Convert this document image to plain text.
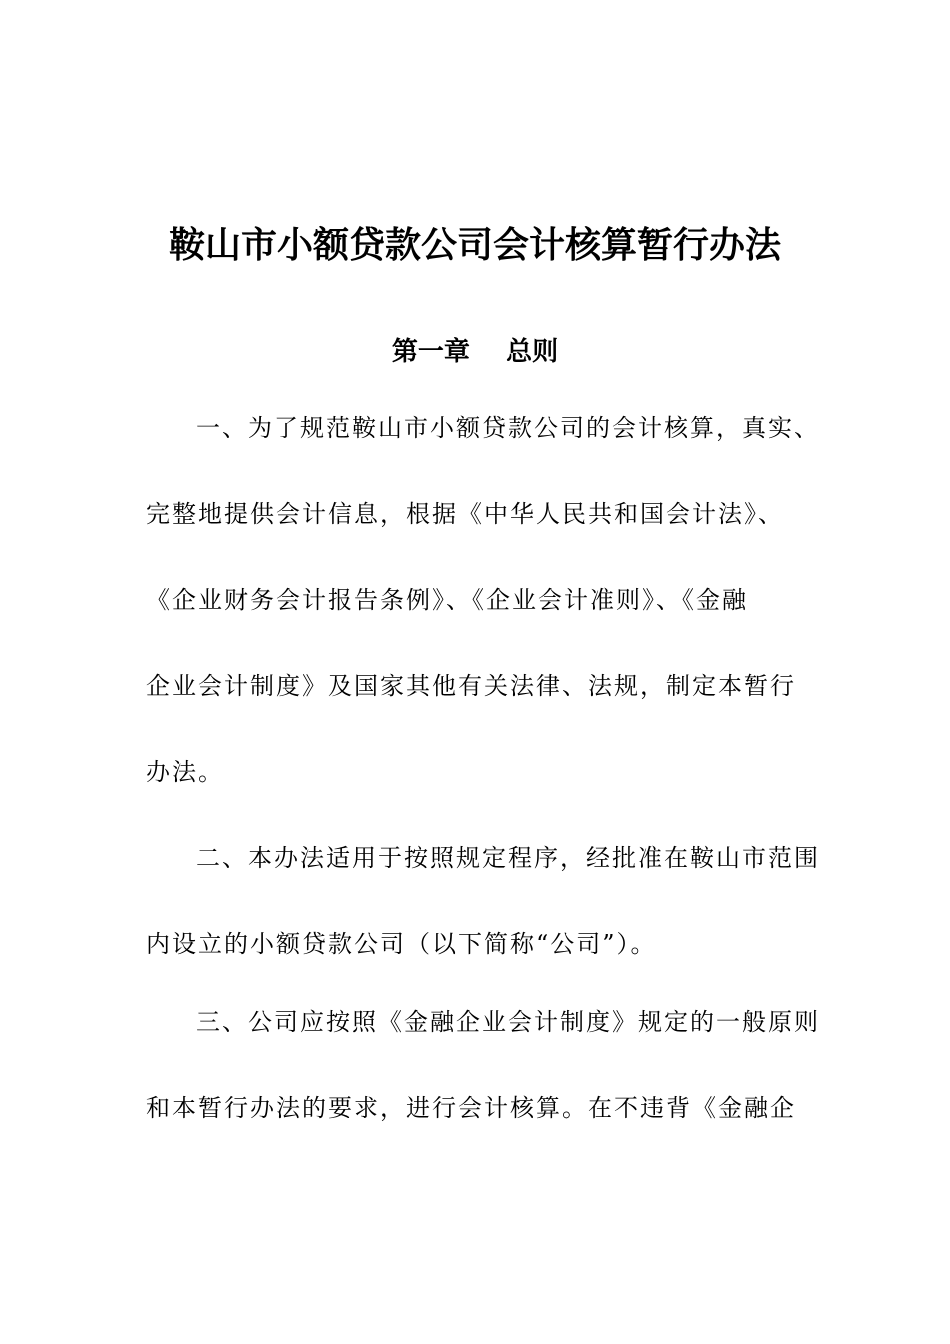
鞍山市小额贷款公司会计核算暂行办法
第一章    总则
一、为了规范鞍山市小额贷款公司的会计核算，真实、
完整地提供会计信息，根据《中华人民共和国会计法》、
《企业财务会计报告条例》、《企业会计准则》、《金融
企业会计制度》及国家其他有关法律、法规，制定本暂行
办法。
二、本办法适用于按照规定程序，经批准在鞍山市范围
内设立的小额贷款公司（以下简称“公司”）。
三、公司应按照《金融企业会计制度》规定的一般原则
和本暂行办法的要求，进行会计核算。在不违背《金融企
